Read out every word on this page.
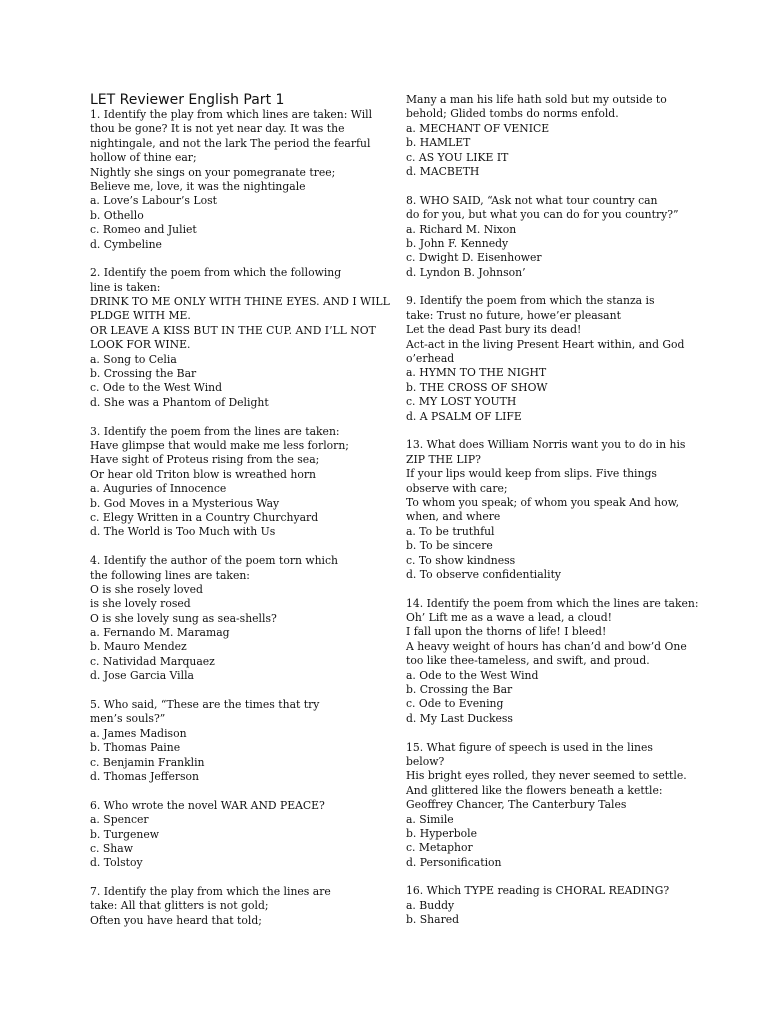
LET Reviewer English Part 1
1. Identify the play from which lines are taken: Will
thou be gone? It is not yet near day. It was the
nightingale, and not the lark The period the fearful
hollow of thine ear;
Nightly she sings on your pomegranate tree;
Believe me, love, it was the nightingale
a. Love’s Labour’s Lost
b. Othello
c. Romeo and Juliet
d. Cymbeline
2. Identify the poem from which the following
line is taken:
DRINK TO ME ONLY WITH THINE EYES. AND I WILL
PLDGE WITH ME.
OR LEAVE A KISS BUT IN THE CUP. AND I’LL NOT
LOOK FOR WINE.
a. Song to Celia
b. Crossing the Bar
c. Ode to the West Wind
d. She was a Phantom of Delight
3. Identify the poem from the lines are taken:
Have glimpse that would make me less forlorn;
Have sight of Proteus rising from the sea;
Or hear old Triton blow is wreathed horn
a. Auguries of Innocence
b. God Moves in a Mysterious Way
c. Elegy Written in a Country Churchyard
d. The World is Too Much with Us
4. Identify the author of the poem torn which
the following lines are taken:
O is she rosely loved
is she lovely rosed
O is she lovely sung as sea-shells?
a. Fernando M. Maramag
b. Mauro Mendez
c. Natividad Marquaez
d. Jose Garcia Villa
5. Who said, “These are the times that try
men’s souls?”
a. James Madison
b. Thomas Paine
c. Benjamin Franklin
d. Thomas Jefferson
6. Who wrote the novel WAR AND PEACE?
a. Spencer
b. Turgenew
c. Shaw
d. Tolstoy
7. Identify the play from which the lines are
take: All that glitters is not gold;
Often you have heard that told;
Many a man his life hath sold but my outside to
behold; Glided tombs do norms enfold.
a. MECHANT OF VENICE
b. HAMLET
c. AS YOU LIKE IT
d. MACBETH
8. WHO SAID, “Ask not what tour country can
do for you, but what you can do for you country?”
a. Richard M. Nixon
b. John F. Kennedy
c. Dwight D. Eisenhower
d. Lyndon B. Johnson’
9. Identify the poem from which the stanza is
take: Trust no future, howe’er pleasant
Let the dead Past bury its dead!
Act-act in the living Present Heart within, and God
o’erhead
a. HYMN TO THE NIGHT
b. THE CROSS OF SHOW
c. MY LOST YOUTH
d. A PSALM OF LIFE
13. What does William Norris want you to do in his
ZIP THE LIP?
If your lips would keep from slips. Five things
observe with care;
To whom you speak; of whom you speak And how,
when, and where
a. To be truthful
b. To be sincere
c. To show kindness
d. To observe confidentiality
14. Identify the poem from which the lines are taken:
Oh’ Lift me as a wave a lead, a cloud!
I fall upon the thorns of life! I bleed!
A heavy weight of hours has chan’d and bow’d One
too like thee-tameless, and swift, and proud.
a. Ode to the West Wind
b. Crossing the Bar
c. Ode to Evening
d. My Last Duckess
15. What figure of speech is used in the lines
below?
His bright eyes rolled, they never seemed to settle.
And glittered like the flowers beneath a kettle:
Geoffrey Chancer, The Canterbury Tales
a. Simile
b. Hyperbole
c. Metaphor
d. Personification
16. Which TYPE reading is CHORAL READING?
a. Buddy
b. Shared
